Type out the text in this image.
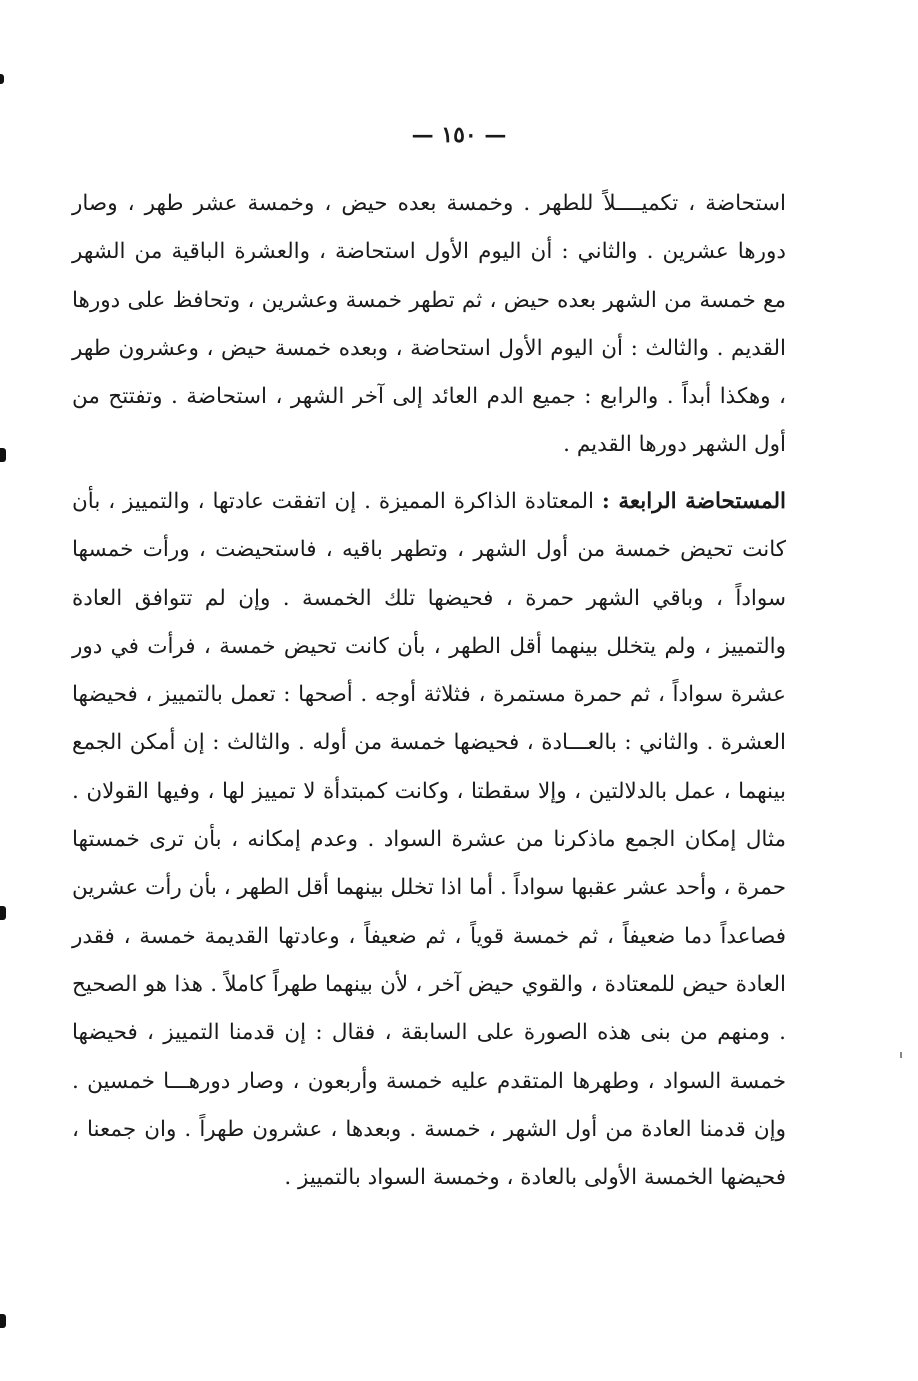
— ١٥٠ —
استحاضة ، تكميــــلاً للطهر . وخمسة بعده حيض ، وخمسة عشر طهر ، وصار دورها عشرين . والثاني : أن اليوم الأول استحاضة ، والعشرة الباقية من الشهر مع خمسة من الشهر بعده حيض ، ثم تطهر خمسة وعشرين ، وتحافظ على دورها القديم . والثالث : أن اليوم الأول استحاضة ، وبعده خمسة حيض ، وعشرون طهر ، وهكذا أبداً . والرابع : جميع الدم العائد إلى آخر الشهر ، استحاضة . وتفتتح من أول الشهر دورها القديم .
المستحاضة الرابعة : المعتادة الذاكرة المميزة . إن اتفقت عادتها ، والتمييز ، بأن كانت تحيض خمسة من أول الشهر ، وتطهر باقيه ، فاستحيضت ، ورأت خمسها سواداً ، وباقي الشهر حمرة ، فحيضها تلك الخمسة . وإن لم تتوافق العادة والتمييز ، ولم يتخلل بينهما أقل الطهر ، بأن كانت تحيض خمسة ، فرأت في دور عشرة سواداً ، ثم حمرة مستمرة ، فثلاثة أوجه . أصحها : تعمل بالتمييز ، فحيضها العشرة . والثاني : بالعـــادة ، فحيضها خمسة من أوله . والثالث : إن أمكن الجمع بينهما ، عمل بالدلالتين ، وإلا سقطتا ، وكانت كمبتدأة لا تمييز لها ، وفيها القولان . مثال إمكان الجمع ماذكرنا من عشرة السواد . وعدم إمكانه ، بأن ترى خمستها حمرة ، وأحد عشر عقبها سواداً . أما اذا تخلل بينهما أقل الطهر ، بأن رأت عشرين فصاعداً دما ضعيفاً ، ثم خمسة قوياً ، ثم ضعيفاً ، وعادتها القديمة خمسة ، فقدر العادة حيض للمعتادة ، والقوي حيض آخر ، لأن بينهما طهراً كاملاً . هذا هو الصحيح . ومنهم من بنى هذه الصورة على السابقة ، فقال : إن قدمنا التمييز ، فحيضها خمسة السواد ، وطهرها المتقدم عليه خمسة وأربعون ، وصار دورهـــا خمسين . وإن قدمنا العادة من أول الشهر ، خمسة . وبعدها ، عشرون طهراً . وان جمعنا ، فحيضها الخمسة الأولى بالعادة ، وخمسة السواد بالتمييز .
